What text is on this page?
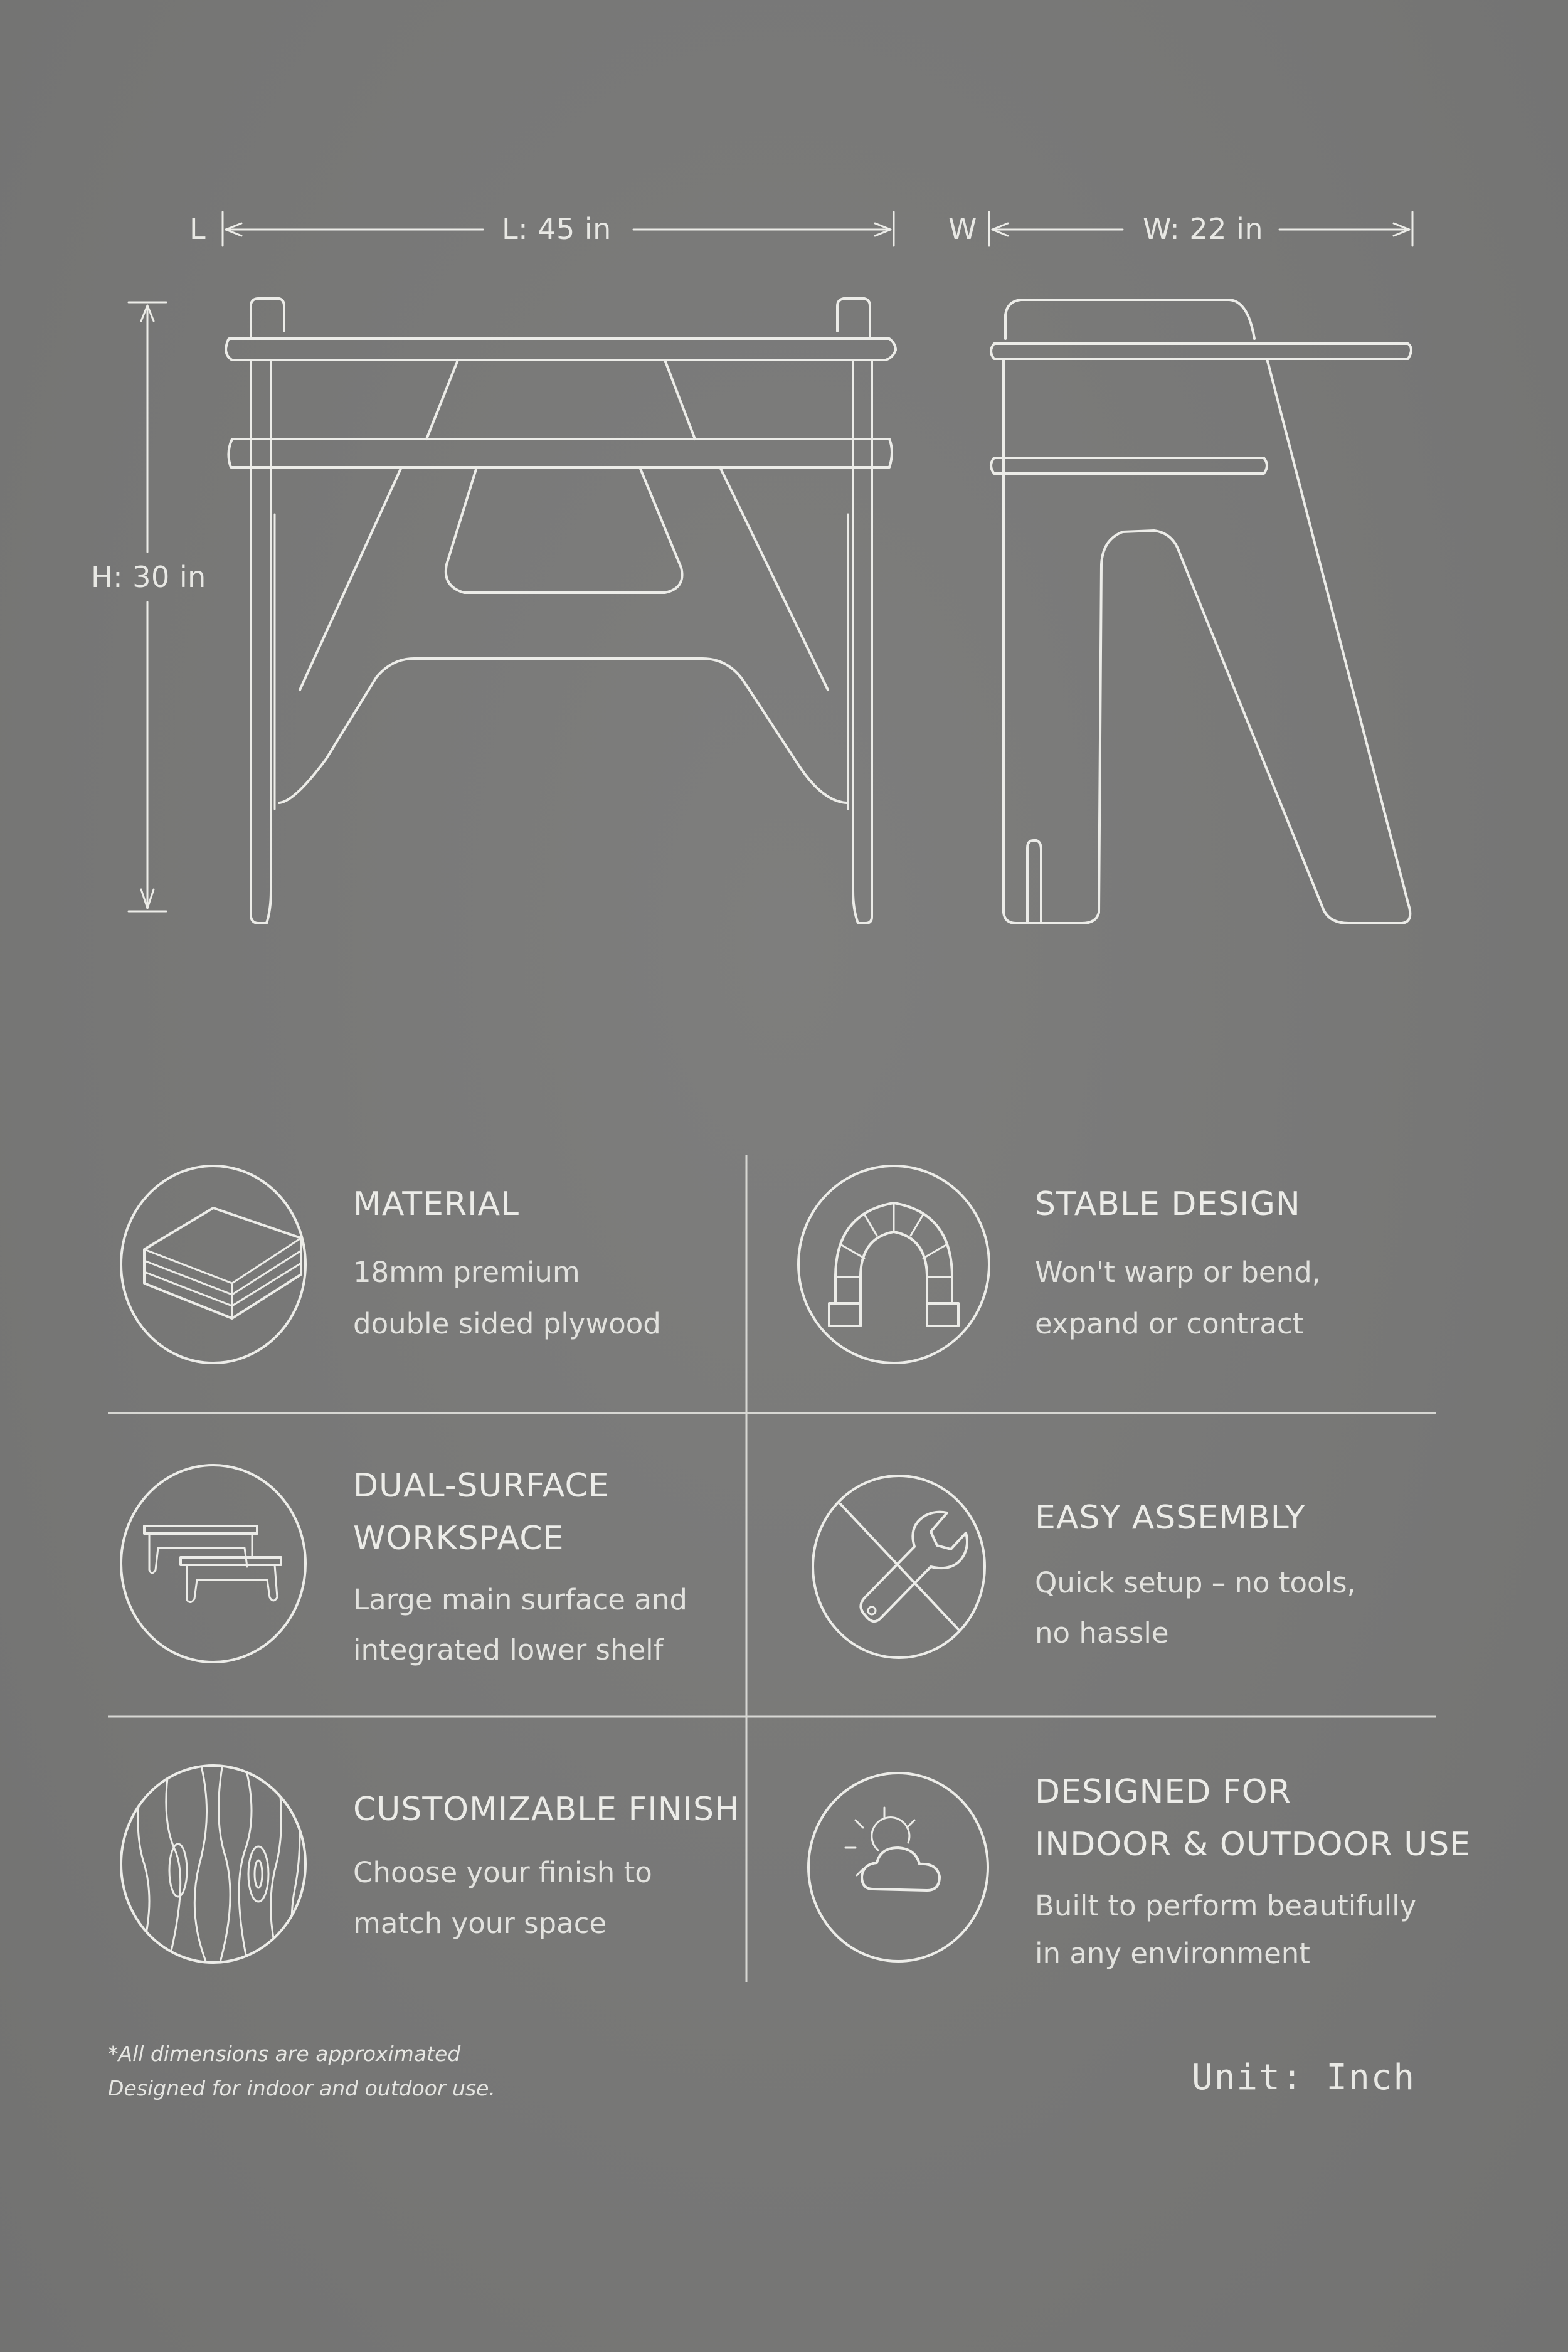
L	L: 45 in	W	W: 22 in
H: 30 in
MATERIAL
18mm premium
double sided plywood
STABLE DESIGN
Won't warp or bend,
expand or contract
DUAL-SURFACE
WORKSPACE
Large main surface and
integrated lower shelf
EASY ASSEMBLY
Quick setup – no tools,
no hassle
CUSTOMIZABLE FINISH
Choose your finish to
match your space
DESIGNED FOR
INDOOR & OUTDOOR USE
Built to perform beautifully
in any environment
*All dimensions are approximated
Designed for indoor and outdoor use.	Unit: Inch
